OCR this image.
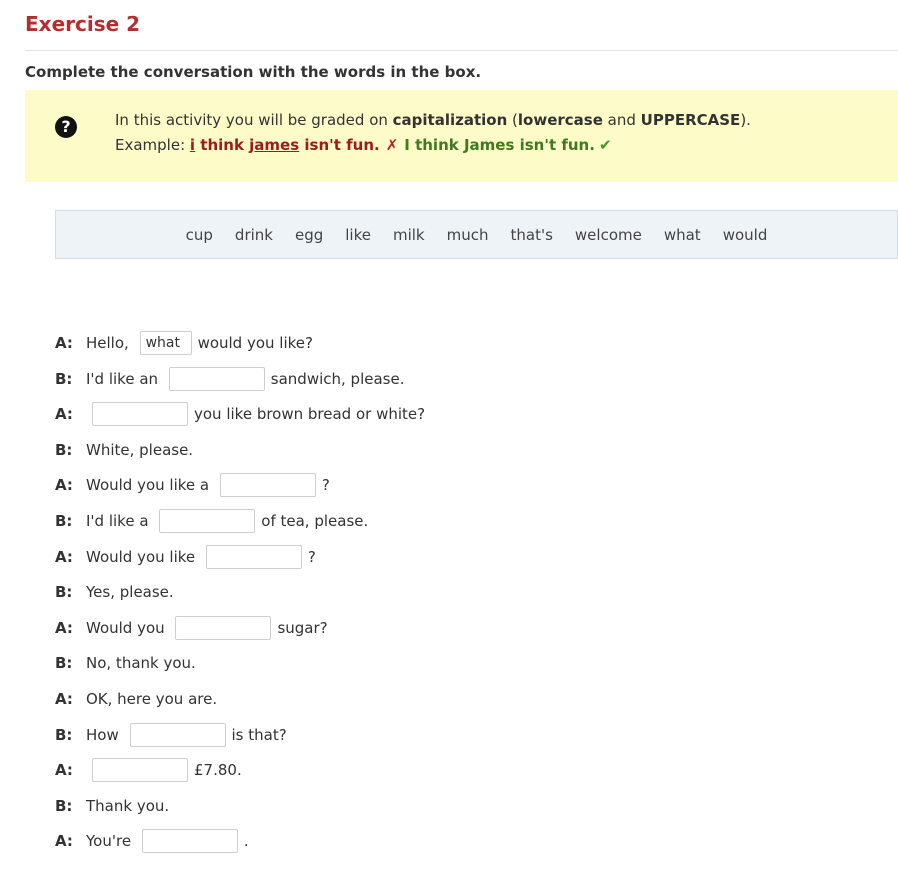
Exercise 2
Complete the conversation with the words in the box.
?	In this activity you will be graded on capitalization (lowercase and UPPERCASE).
Example: i think james isn't fun. ✗ I think James isn't fun. ✔
cup drink egg like milk much that's welcome what would
A: Hello, what	would you like?
B: I'd like an	sandwich, please.
A:	you like brown bread or white?
B: White, please.
A: Would you like a	?
B: I'd like a	of tea, please.
A: Would you like	?
B: Yes, please.
A: Would you	sugar?
B: No, thank you.
A: OK, here you are.
B: How	is that?
A:	£7.80.
B: Thank you.
A: You're	.
